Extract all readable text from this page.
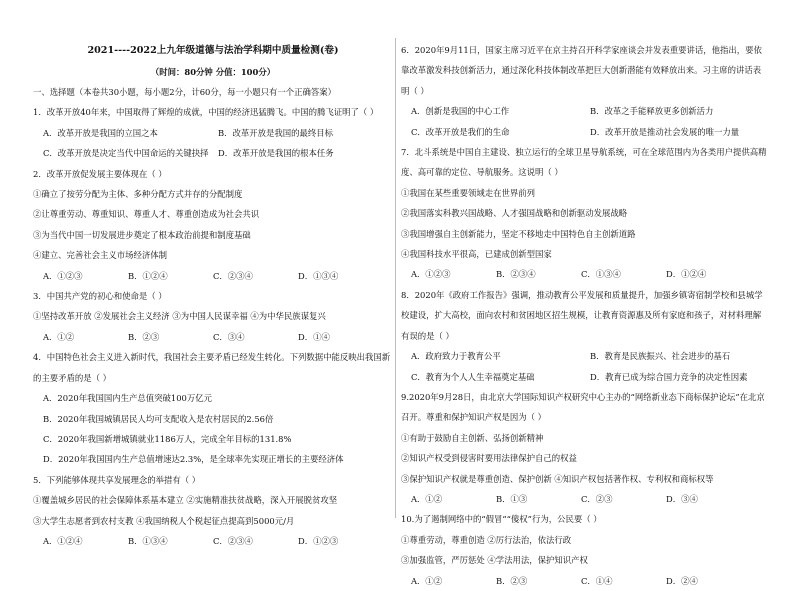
2021----2022上九年级道德与法治学科期中质量检测(卷)
（时间：80分钟 分值：100分）
一、选择题（本卷共30小题，每小题2分，计60分，每一小题只有一个正确答案）
1．改革开放40年来，中国取得了辉煌的成就，中国的经济迅猛腾飞。中国的腾飞证明了（ ）
A．改革开放是我国的立国之本	B．改革开放是我国的最终目标
C．改革开放是决定当代中国命运的关键抉择	D．改革开放是我国的根本任务
2．改革开放促发展主要体现在（ ）
①确立了按劳分配为主体、多种分配方式并存的分配制度
②让尊重劳动、尊重知识、尊重人才、尊重创造成为社会共识
③为当代中国一切发展进步奠定了根本政治前提和制度基础
④建立、完善社会主义市场经济体制
A．①②③	B．①②④	C．②③④	D．①③④
3．中国共产党的初心和使命是（ ）
①坚持改革开放 ②发展社会主义经济 ③为中国人民谋幸福 ④为中华民族谋复兴
A．①②	B．②③	C．③④	D．①④
4．中国特色社会主义进入新时代，我国社会主要矛盾已经发生转化。下列数据中能反映出我国新的主要矛盾的是（ ）
A．2020年我国国内生产总值突破100万亿元
B．2020年我国城镇居民人均可支配收入是农村居民的2.56倍
C．2020年我国新增城镇就业1186万人，完成全年目标的131.8%
D．2020年我国国内生产总值增速达2.3%，是全球率先实现正增长的主要经济体
5．下列能够体现共享发展理念的举措有（ ）
①覆盖城乡居民的社会保障体系基本建立 ②实施精准扶贫战略，深入开展脱贫攻坚
③大学生志愿者到农村支教 ④我国纳税人个税起征点提高到5000元/月
A．①②④	B．①③④	C．②③④	D．①②③
6．2020年9月11日，国家主席习近平在京主持召开科学家座谈会并发表重要讲话，他指出，要依靠改革激发科技创新活力，通过深化科技体制改革把巨大创新潜能有效释放出来。习主席的讲话表明（ ）
A．创新是我国的中心工作	B．改革之手能释放更多创新活力
C．改革开放是我们的生命	D．改革开放是推动社会发展的唯一力量
7．北斗系统是中国自主建设、独立运行的全球卫星导航系统，可在全球范围内为各类用户提供高精度、高可靠的定位、导航服务。这说明（ ）
①我国在某些重要领域走在世界前列
②我国落实科教兴国战略、人才强国战略和创新驱动发展战略
③我国增强自主创新能力，坚定不移地走中国特色自主创新道路
④我国科技水平很高，已建成创新型国家
A．①②③	B．②③④	C．①③④	D．①②④
8．2020年《政府工作报告》强调，推动教育公平发展和质量提升，加强乡镇寄宿制学校和县城学校建设，扩大高校，面向农村和贫困地区招生规模，让教育资源惠及所有家庭和孩子，对材料理解有误的是（ ）
A．政府致力于教育公平	B．教育是民族振兴、社会进步的基石
C．教育为个人人生幸福奠定基础	D．教育已成为综合国力竞争的决定性因素
9.2020年9月28日，由北京大学国际知识产权研究中心主办的“网络新业态下商标保护论坛”在北京召开。尊重和保护知识产权是因为（ ）
①有助于鼓励自主创新、弘扬创新精神
②知识产权受到侵害时要用法律保护自己的权益
③保护知识产权就是尊重创造、保护创新 ④知识产权包括著作权、专利权和商标权等
A．①②	B．①③	C．②③	D．③④
10.为了遏制网络中的“假冒”“傻权”行为，公民要（ ）
①尊重劳动，尊重创造 ②厉行法治，依法行政
③加强监管，严厉惩处 ④学法用法，保护知识产权
A．①②	B．②③	C．①④	D．②④
